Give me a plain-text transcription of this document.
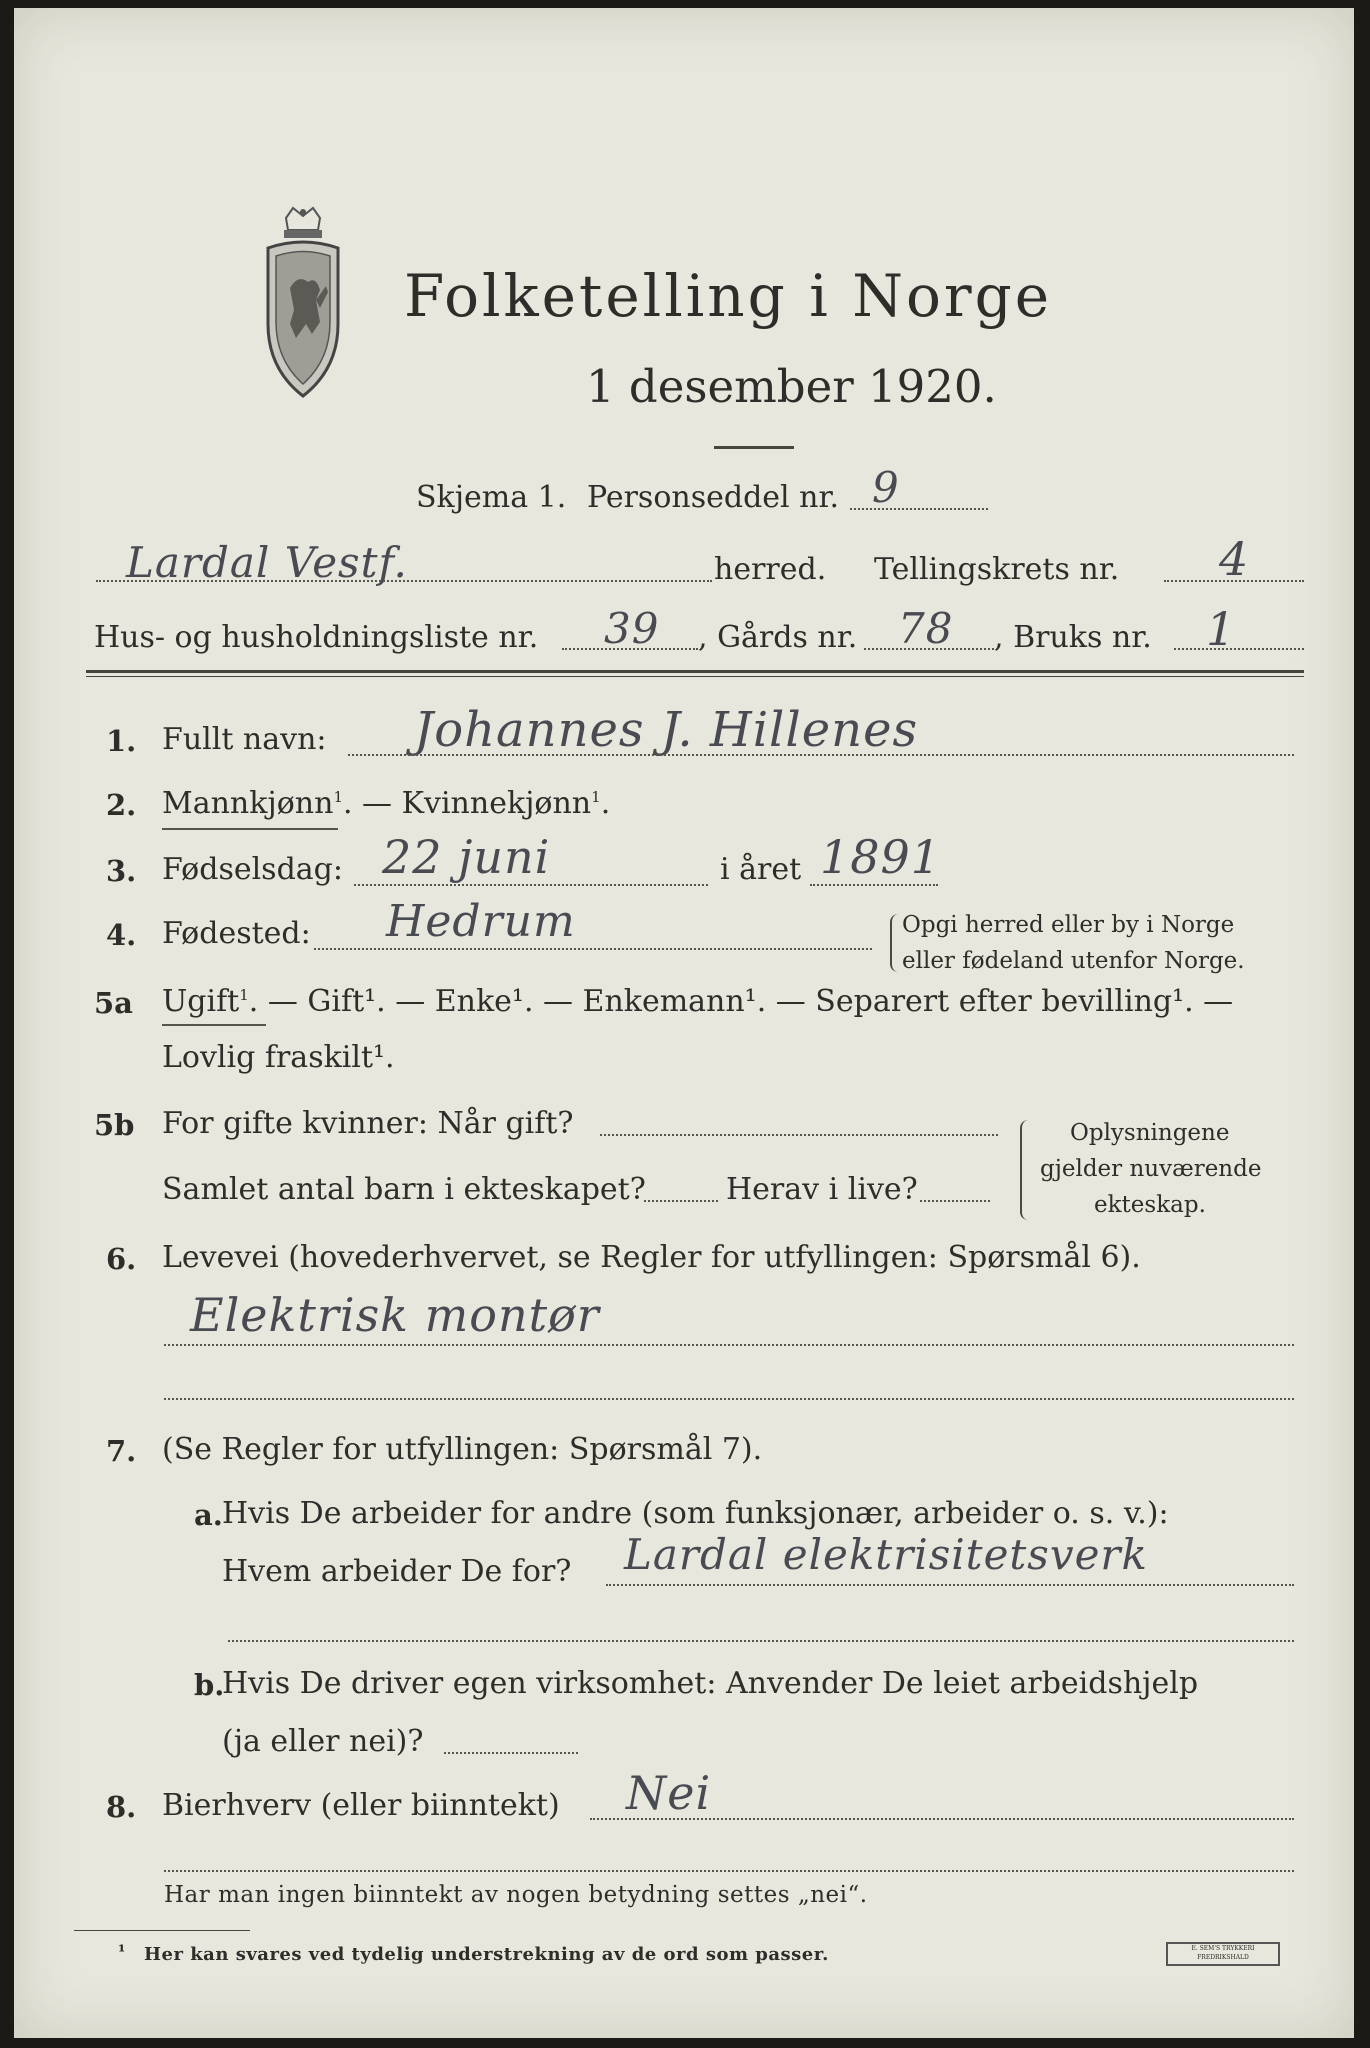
Folketelling i Norge
1 desember 1920.
Skjema 1. Personseddel nr. 9
Lardal Vestf.	herred. Tellingskrets nr. 4
Hus- og husholdningsliste nr. 39 , Gårds nr. 78 , Bruks nr. 1
1. Fullt navn: Johannes J. Hillenes
2. Mannkjønn$^1$. — Kvinnekjønn$^1$.
3. Fødselsdag: 22 juni	i året 1891
4. Fødested: Hedrum	Opgi herred eller by i Norge
eller fødeland utenfor Norge.
5a Ugift$^1$. — Gift¹. — Enke¹. — Enkemann¹. — Separert efter bevilling¹. —
Lovlig fraskilt¹.
5b For gifte kvinner: Når gift?
Samlet antal barn i ekteskapet?	Herav i live?
Oplysningene
gjelder nuværende
ekteskap.
6. Levevei (hovederhvervet, se Regler for utfyllingen: Spørsmål 6).
Elektrisk montør
7. (Se Regler for utfyllingen: Spørsmål 7).
a. Hvis De arbeider for andre (som funksjonær, arbeider o. s. v.):
Hvem arbeider De for? Lardal elektrisitetsverk
b.
Hvis De driver egen virksomhet: Anvender De leiet arbeidshjelp
(ja eller nei)?
8. Bierhverv (eller biinntekt) Nei
Har man ingen biinntekt av nogen betydning settes „nei“.
¹ Her kan svares ved tydelig understrekning av de ord som passer.	E. SEM'S TRYKKERI FREDRIKSHALD
